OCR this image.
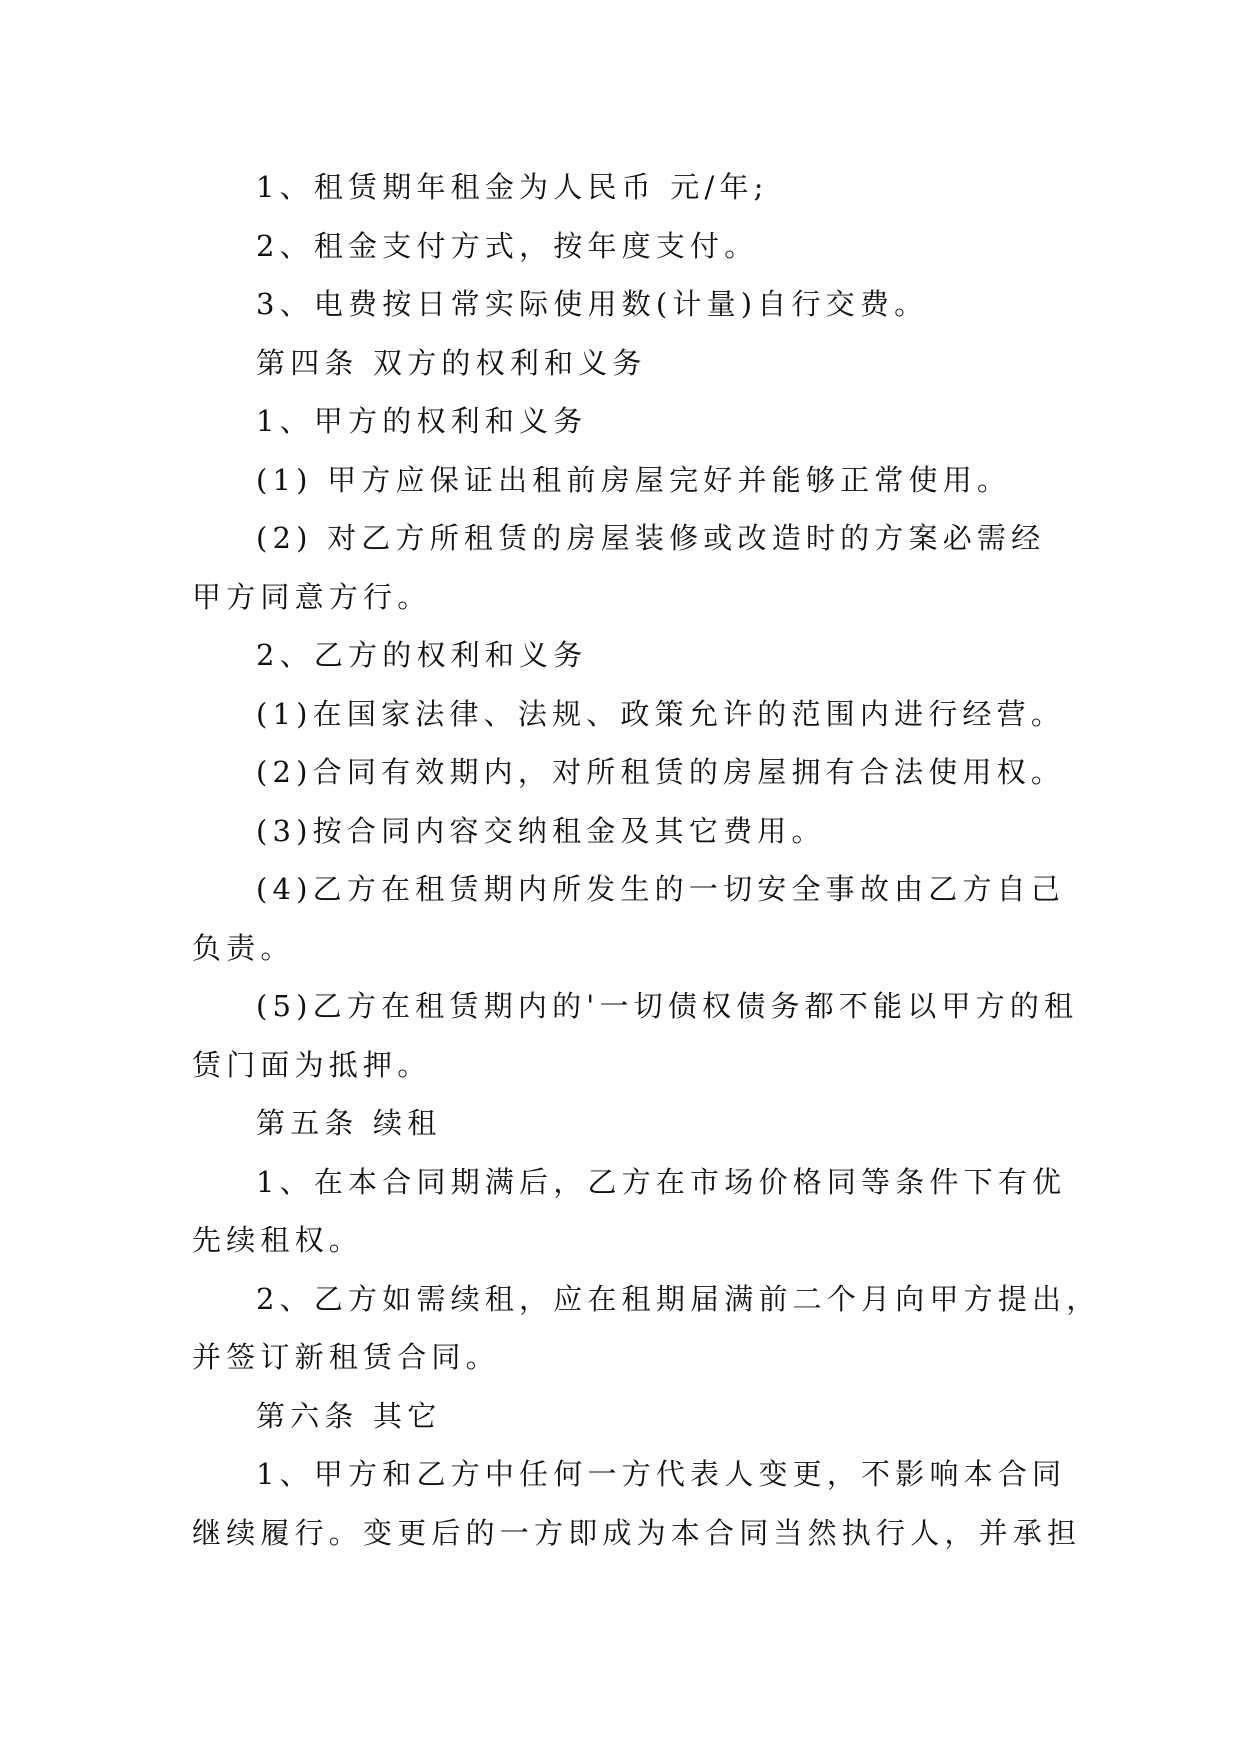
1、租赁期年租金为人民币 元/年;
2、租金支付方式，按年度支付。
3、电费按日常实际使用数(计量)自行交费。
第四条 双方的权利和义务
1、甲方的权利和义务
(1) 甲方应保证出租前房屋完好并能够正常使用。
(2) 对乙方所租赁的房屋装修或改造时的方案必需经
甲方同意方行。
2、乙方的权利和义务
(1)在国家法律、法规、政策允许的范围内进行经营。
(2)合同有效期内，对所租赁的房屋拥有合法使用权。
(3)按合同内容交纳租金及其它费用。
(4)乙方在租赁期内所发生的一切安全事故由乙方自己
负责。
(5)乙方在租赁期内的'一切债权债务都不能以甲方的租
赁门面为抵押。
第五条 续租
1、在本合同期满后，乙方在市场价格同等条件下有优
先续租权。
2、乙方如需续租，应在租期届满前二个月向甲方提出，
并签订新租赁合同。
第六条 其它
1、甲方和乙方中任何一方代表人变更，不影响本合同
继续履行。变更后的一方即成为本合同当然执行人，并承担
